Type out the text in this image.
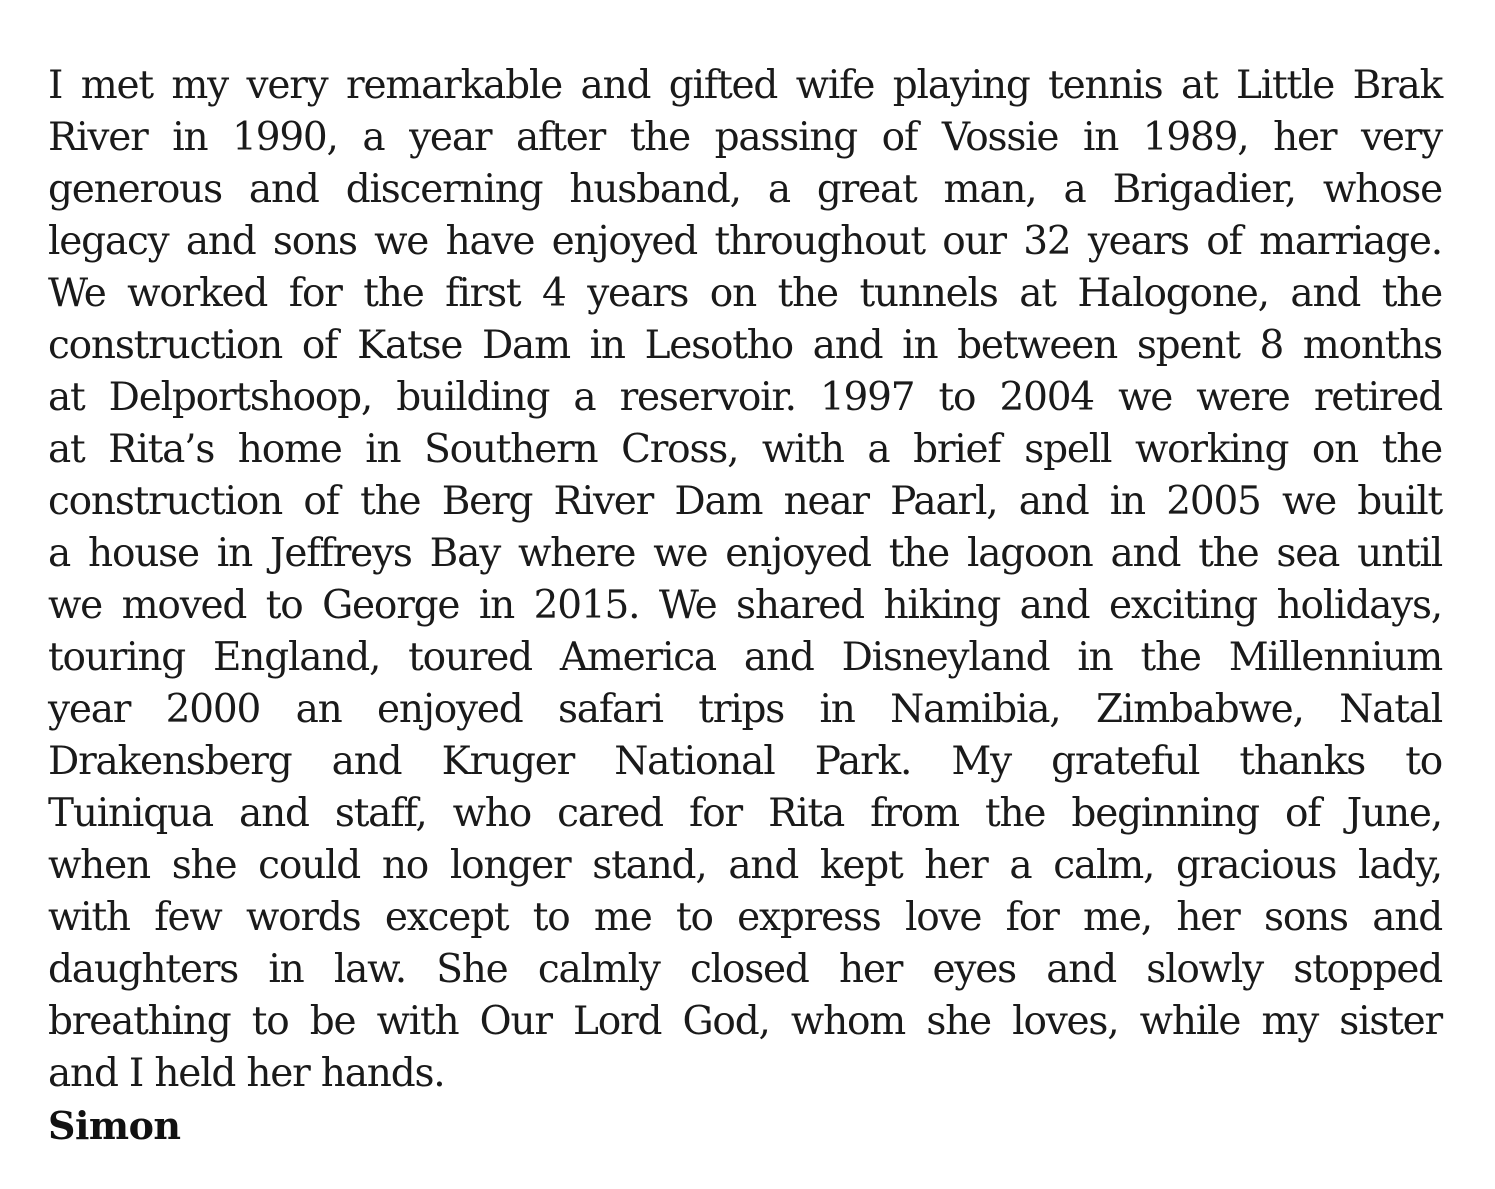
I met my very remarkable and gifted wife playing tennis at Little Brak
River in 1990, a year after the passing of Vossie in 1989, her very
generous and discerning husband, a great man, a Brigadier, whose
legacy and sons we have enjoyed throughout our 32 years of marriage.
We worked for the first 4 years on the tunnels at Halogone, and the
construction of Katse Dam in Lesotho and in between spent 8 months
at Delportshoop, building a reservoir. 1997 to 2004 we were retired
at Rita’s home in Southern Cross, with a brief spell working on the
construction of the Berg River Dam near Paarl, and in 2005 we built
a house in Jeffreys Bay where we enjoyed the lagoon and the sea until
we moved to George in 2015. We shared hiking and exciting holidays,
touring England, toured America and Disneyland in the Millennium
year 2000 an enjoyed safari trips in Namibia, Zimbabwe, Natal
Drakensberg and Kruger National Park. My grateful thanks to
Tuiniqua and staff, who cared for Rita from the beginning of June,
when she could no longer stand, and kept her a calm, gracious lady,
with few words except to me to express love for me, her sons and
daughters in law. She calmly closed her eyes and slowly stopped
breathing to be with Our Lord God, whom she loves, while my sister
and I held her hands.
Simon
